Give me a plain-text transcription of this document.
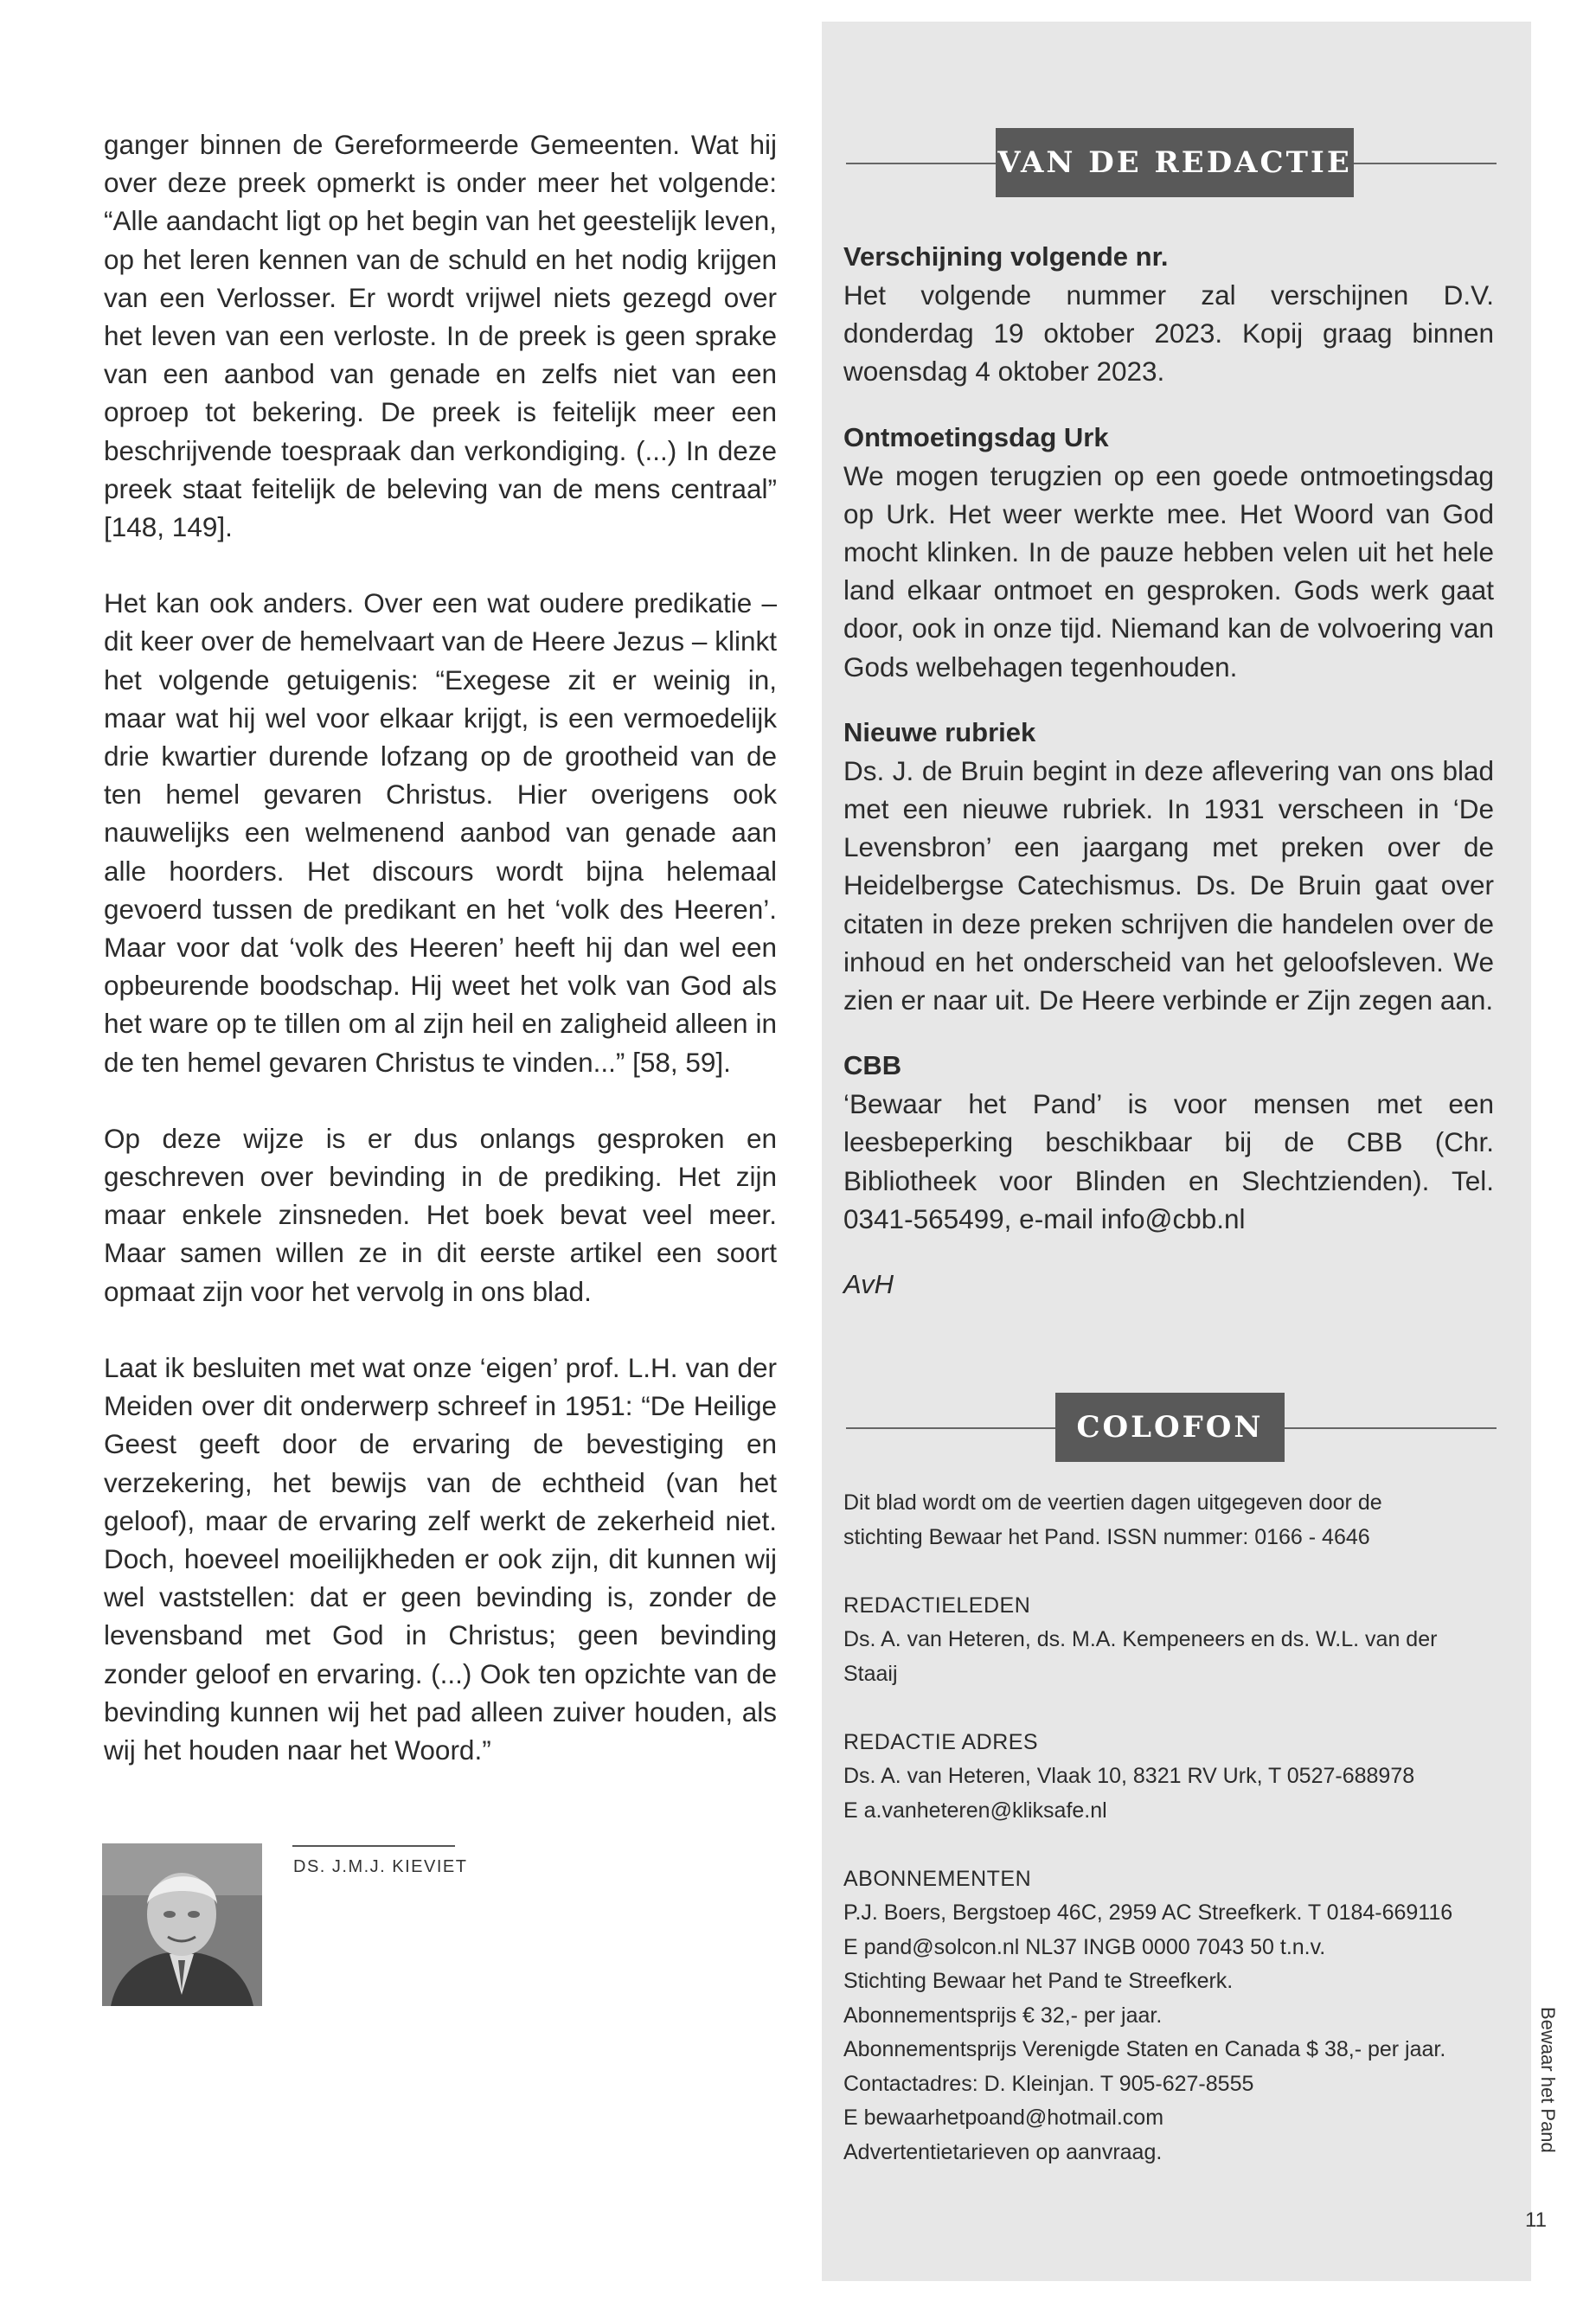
ganger binnen de Gereformeerde Gemeenten. Wat hij over deze preek opmerkt is onder meer het volgende: “Alle aandacht ligt op het begin van het geestelijk leven, op het leren kennen van de schuld en het nodig krijgen van een Verlosser. Er wordt vrijwel niets gezegd over het leven van een verloste. In de preek is geen sprake van een aanbod van genade en zelfs niet van een oproep tot bekering. De preek is feitelijk meer een beschrijvende toespraak dan verkondiging. (...) In deze preek staat feitelijk de beleving van de mens centraal” [148, 149].

Het kan ook anders. Over een wat oudere predikatie – dit keer over de hemelvaart van de Heere Jezus – klinkt het volgende getuigenis: “Exegese zit er weinig in, maar wat hij wel voor elkaar krijgt, is een vermoedelijk drie kwartier durende lofzang op de grootheid van de ten hemel gevaren Christus. Hier overigens ook nauwelijks een welmenend aanbod van genade aan alle hoorders. Het discours wordt bijna helemaal gevoerd tussen de predikant en het ‘volk des Heeren’. Maar voor dat ‘volk des Heeren’ heeft hij dan wel een opbeurende boodschap. Hij weet het volk van God als het ware op te tillen om al zijn heil en zaligheid alleen in de ten hemel gevaren Christus te vinden...” [58, 59].

Op deze wijze is er dus onlangs gesproken en geschreven over bevinding in de prediking. Het zijn maar enkele zinsneden. Het boek bevat veel meer. Maar samen willen ze in dit eerste artikel een soort opmaat zijn voor het vervolg in ons blad.

Laat ik besluiten met wat onze ‘eigen’ prof. L.H. van der Meiden over dit onderwerp schreef in 1951: “De Heilige Geest geeft door de ervaring de bevestiging en verzekering, het bewijs van de echtheid (van het geloof), maar de ervaring zelf werkt de zekerheid niet. Doch, hoeveel moeilijkheden er ook zijn, dit kunnen wij wel vaststellen: dat er geen bevinding is, zonder de levensband met God in Christus; geen bevinding zonder geloof en ervaring. (...) Ook ten opzichte van de bevinding kunnen wij het pad alleen zuiver houden, als wij het houden naar het Woord.”

DS. J.M.J. KIEVIET
VAN DE REDACTIE
Verschijning volgende nr.

Het volgende nummer zal verschijnen D.V. donderdag 19 oktober 2023. Kopij graag binnen woensdag 4 oktober 2023.

Ontmoetingsdag Urk

We mogen terugzien op een goede ontmoetingsdag op Urk. Het weer werkte mee. Het Woord van God mocht klinken. In de pauze hebben velen uit het hele land elkaar ontmoet en gesproken. Gods werk gaat door, ook in onze tijd. Niemand kan de volvoering van Gods welbehagen tegenhouden.

Nieuwe rubriek

Ds. J. de Bruin begint in deze aflevering van ons blad met een nieuwe rubriek. In 1931 verscheen in ‘De Levensbron’ een jaargang met preken over de Heidelbergse Catechismus. Ds. De Bruin gaat over citaten in deze preken schrijven die handelen over de inhoud en het onderscheid van het geloofsleven. We zien er naar uit. De Heere verbinde er Zijn zegen aan.

CBB

‘Bewaar het Pand’ is voor mensen met een leesbeperking beschikbaar bij de CBB (Chr. Bibliotheek voor Blinden en Slechtzienden). Tel. 0341-565499, e-mail info@cbb.nl

AvH

COLOFON

Dit blad wordt om de veertien dagen uitgegeven door de

stichting Bewaar het Pand. ISSN nummer: 0166 - 4646

REDACTIELEDEN

Ds. A. van Heteren, ds. M.A. Kempeneers en ds. W.L. van der

Staaij

REDACTIE ADRES

Ds. A. van Heteren, Vlaak 10, 8321 RV Urk, T 0527-688978

E a.vanheteren@kliksafe.nl

ABONNEMENTEN

P.J. Boers, Bergstoep 46C, 2959 AC Streefkerk. T 0184-669116

E pand@solcon.nl NL37 INGB 0000 7043 50 t.n.v.

Stichting Bewaar het Pand te Streefkerk.

Abonnementsprijs € 32,- per jaar.

Abonnementsprijs Verenigde Staten en Canada $ 38,- per jaar.

Contactadres: D. Kleinjan. T 905-627-8555

E bewaarhetpoand@hotmail.com

Advertentietarieven op aanvraag.	Bewaar het Pand
11
